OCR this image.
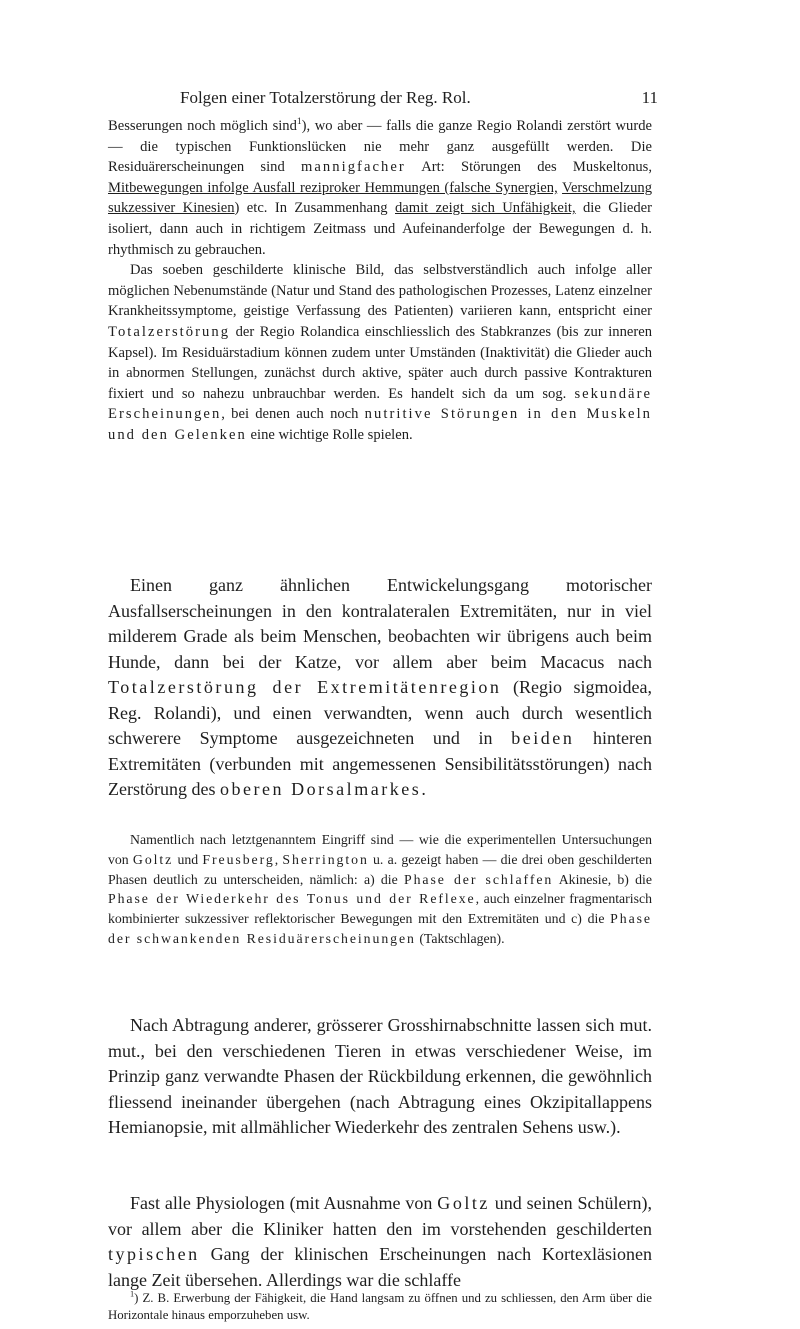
Folgen einer Totalzerstörung der Reg. Rol.	11

Besserungen noch möglich sind$^1$), wo aber — falls die ganze Regio Rolandi zerstört wurde — die typischen Funktionslücken nie mehr ganz ausgefüllt werden. Die Residuärerscheinungen sind mannigfacher Art: Störungen des Muskeltonus, Mitbewegungen infolge Ausfall reziproker Hemmungen (falsche Synergien, Verschmelzung sukzessiver Kinesien) etc. In Zusammenhang damit zeigt sich Unfähigkeit, die Glieder isoliert, dann auch in richtigem Zeitmass und Aufeinanderfolge der Bewegungen d. h. rhythmisch zu gebrauchen.
Das soeben geschilderte klinische Bild, das selbstverständlich auch infolge aller möglichen Nebenumstände (Natur und Stand des pathologischen Prozesses, Latenz einzelner Krankheitssymptome, geistige Verfassung des Patienten) variieren kann, entspricht einer Totalzerstörung der Regio Rolandica einschliesslich des Stabkranzes (bis zur inneren Kapsel). Im Residuärstadium können zudem unter Umständen (Inaktivität) die Glieder auch in abnormen Stellungen, zunächst durch aktive, später auch durch passive Kontrakturen fixiert und so nahezu unbrauchbar werden. Es handelt sich da um sog. sekundäre Erscheinungen, bei denen auch noch nutritive Störungen in den Muskeln und den Gelenken eine wichtige Rolle spielen.

Einen ganz ähnlichen Entwickelungsgang motorischer Ausfallserscheinungen in den kontralateralen Extremitäten, nur in viel milderem Grade als beim Menschen, beobachten wir übrigens auch beim Hunde, dann bei der Katze, vor allem aber beim Macacus nach Totalzerstörung der Extremitätenregion (Regio sigmoidea, Reg. Rolandi), und einen verwandten, wenn auch durch wesentlich schwerere Symptome ausgezeichneten und in beiden hinteren Extremitäten (verbunden mit angemessenen Sensibilitätsstörungen) nach Zerstörung des oberen Dorsalmarkes.

Namentlich nach letztgenanntem Eingriff sind — wie die experimentellen Untersuchungen von Goltz und Freusberg, Sherrington u. a. gezeigt haben — die drei oben geschilderten Phasen deutlich zu unterscheiden, nämlich: a) die Phase der schlaffen Akinesie, b) die Phase der Wiederkehr des Tonus und der Reflexe, auch einzelner fragmentarisch kombinierter sukzessiver reflektorischer Bewegungen mit den Extremitäten und c) die Phase der schwankenden Residuärerscheinungen (Taktschlagen).

Nach Abtragung anderer, grösserer Grosshirnabschnitte lassen sich mut. mut., bei den verschiedenen Tieren in etwas verschiedener Weise, im Prinzip ganz verwandte Phasen der Rückbildung erkennen, die gewöhnlich fliessend ineinander übergehen (nach Abtragung eines Okzipitallappens Hemianopsie, mit allmählicher Wiederkehr des zentralen Sehens usw.).

Fast alle Physiologen (mit Ausnahme von Goltz und seinen Schülern), vor allem aber die Kliniker hatten den im vorstehenden geschilderten typischen Gang der klinischen Erscheinungen nach Kortexläsionen lange Zeit übersehen. Allerdings war die schlaffe

$^1$) Z. B. Erwerbung der Fähigkeit, die Hand langsam zu öffnen und zu schliessen, den Arm über die Horizontale hinaus emporzuheben usw.
